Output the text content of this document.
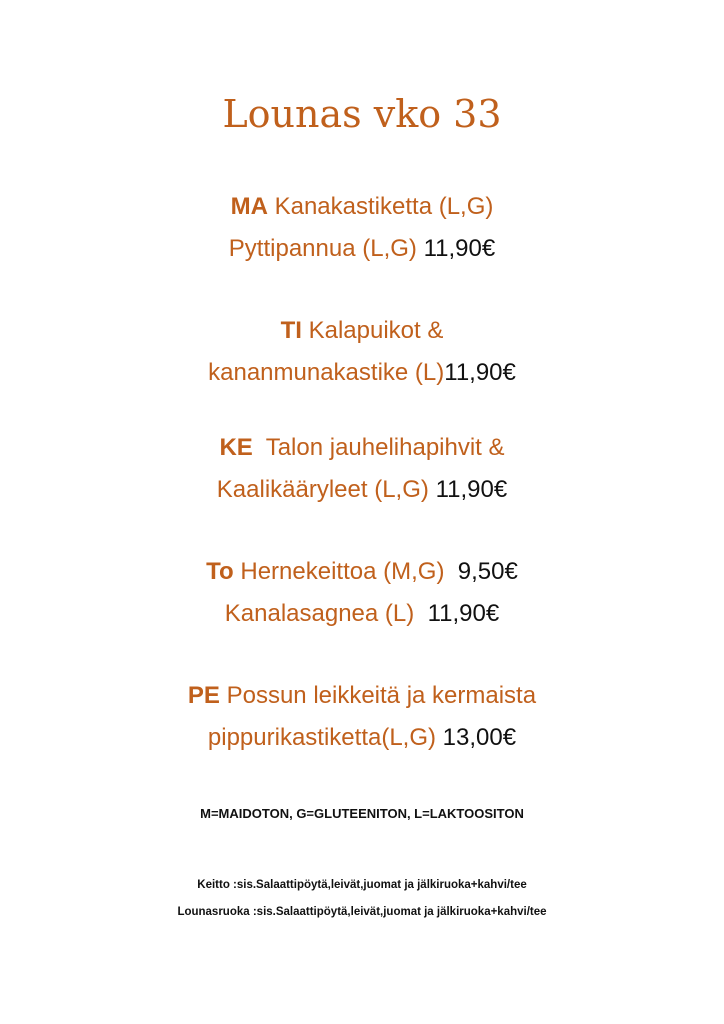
Lounas vko 33
MA Kanakastiketta (L,G)
Pyttipannua (L,G) 11,90€
TI Kalapuikot &
kananmunakastike (L)11,90€
KE  Talon jauhelihapihvit &
Kaalikääryleet (L,G) 11,90€
To Hernekeittoa (M,G)  9,50€
Kanalasagnea (L)  11,90€
PE Possun leikkeitä ja kermaista
pippurikastiketta(L,G) 13,00€
M=MAIDOTON, G=GLUTEENITON, L=LAKTOOSITON
Keitto :sis.Salaattipöytä,leivät,juomat ja jälkiruoka+kahvi/tee
Lounasruoka :sis.Salaattipöytä,leivät,juomat ja jälkiruoka+kahvi/tee
